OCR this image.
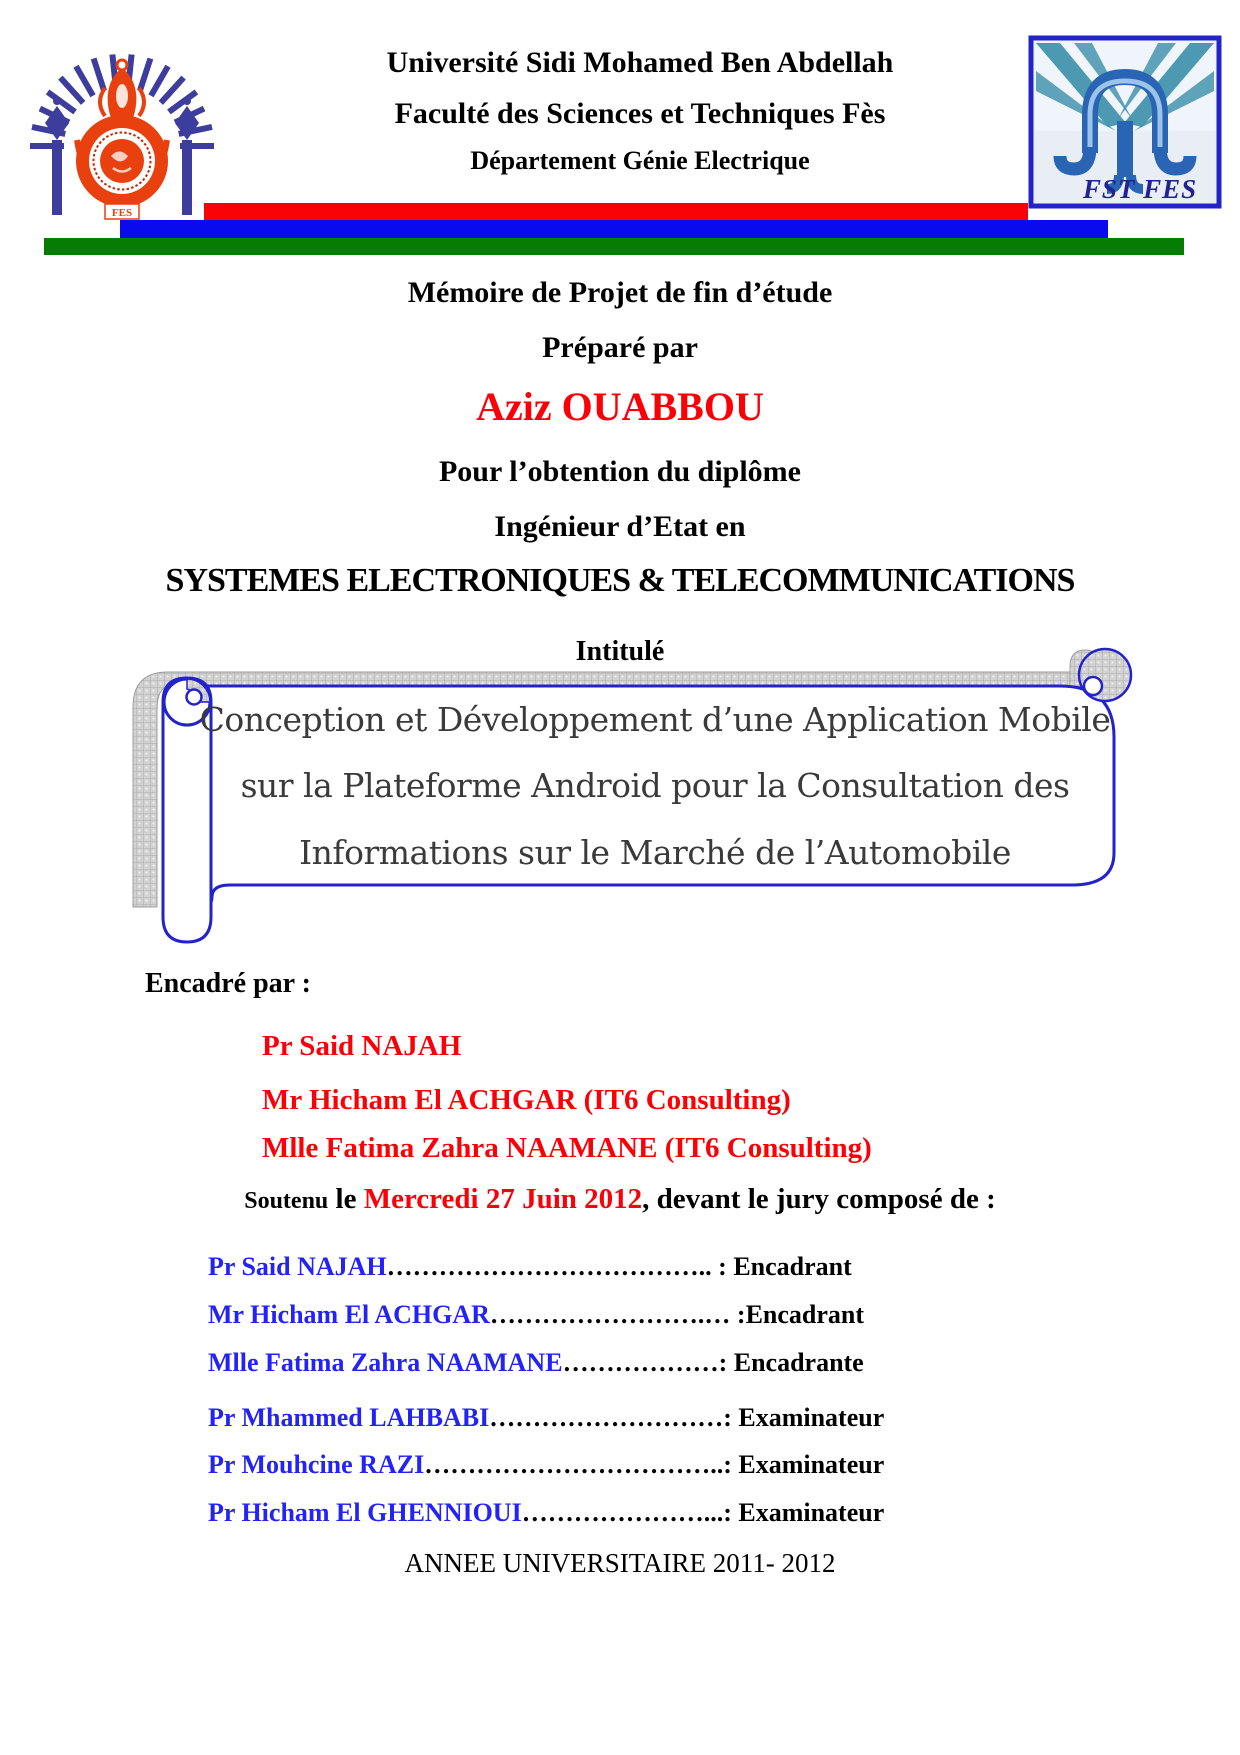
FES
Université Sidi Mohamed Ben Abdellah
Faculté des Sciences et Techniques Fès
Département Génie Electrique
FST FES
Mémoire de Projet de fin d’étude
Préparé par
Aziz OUABBOU
Pour l’obtention du diplôme
Ingénieur d’Etat en
SYSTEMES ELECTRONIQUES & TELECOMMUNICATIONS
Intitulé
Conception et Développement d’une Application Mobile
sur la Plateforme Android pour la Consultation des
Informations sur le Marché de l’Automobile
Encadré par :
Pr Said NAJAH
Mr Hicham El ACHGAR (IT6 Consulting)
Mlle Fatima Zahra NAAMANE (IT6 Consulting)
Soutenu le Mercredi 27 Juin 2012, devant le jury composé de :
Pr Said NAJAH……………………………….. : Encadrant
Mr Hicham El ACHGAR…………………….… :Encadrant
Mlle Fatima Zahra NAAMANE………………: Encadrante
Pr Mhammed LAHBABI………………………: Examinateur
Pr Mouhcine RAZI……………………………..: Examinateur
Pr Hicham El GHENNIOUI…………………...: Examinateur
ANNEE UNIVERSITAIRE 2011- 2012
